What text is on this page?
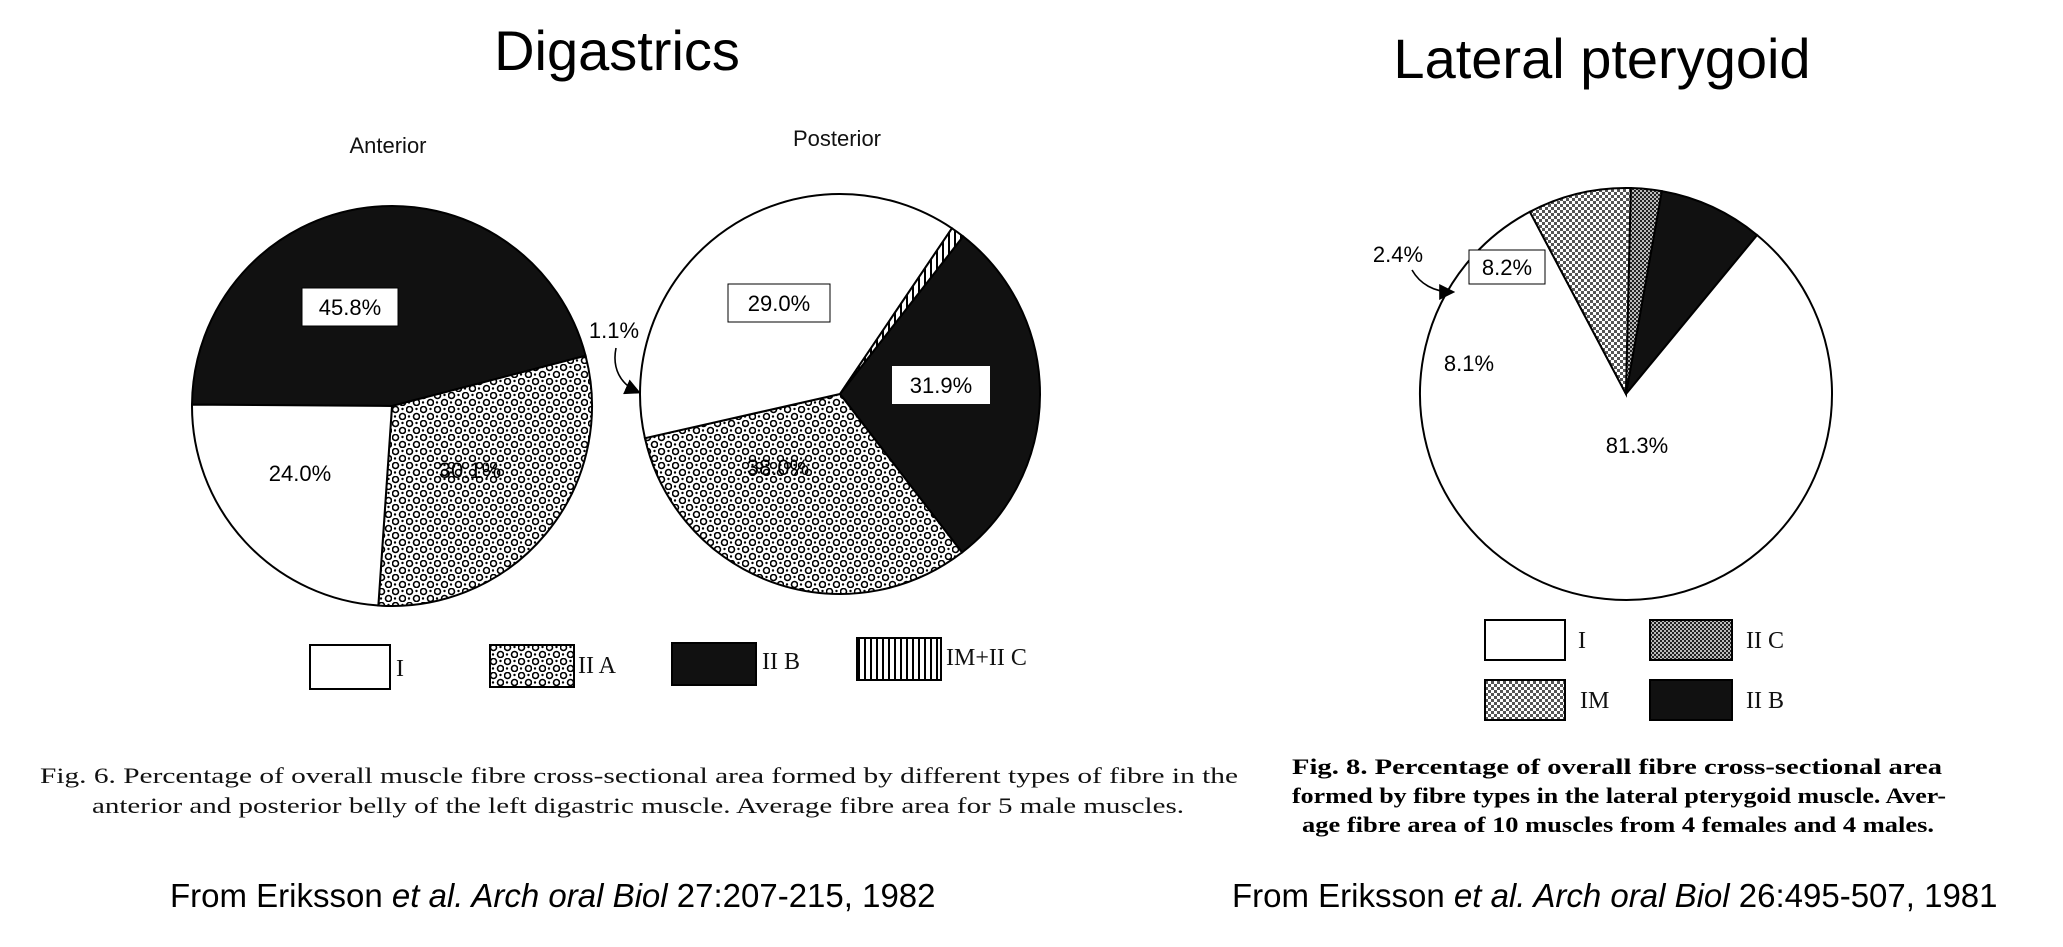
Digastrics	Lateral pterygoid
Anterior	Posterior
45.8%
30.1%
24.0%
29.0%
31.9%
38.0%
1.1%
8.2%
8.1%
81.3%
2.4%
I	II A	II B	IM+II C
I	II C
IM	II B
Fig. 6. Percentage of overall muscle fibre cross-sectional area formed by different types of fibre in the
anterior and posterior belly of the left digastric muscle. Average fibre area for 5 male muscles.
Fig. 8. Percentage of overall fibre cross-sectional area
formed by fibre types in the lateral pterygoid muscle. Aver-
age fibre area of 10 muscles from 4 females and 4 males.
From Eriksson et al. Arch oral Biol 27:207-215, 1982	From Eriksson et al. Arch oral Biol 26:495-507, 1981
